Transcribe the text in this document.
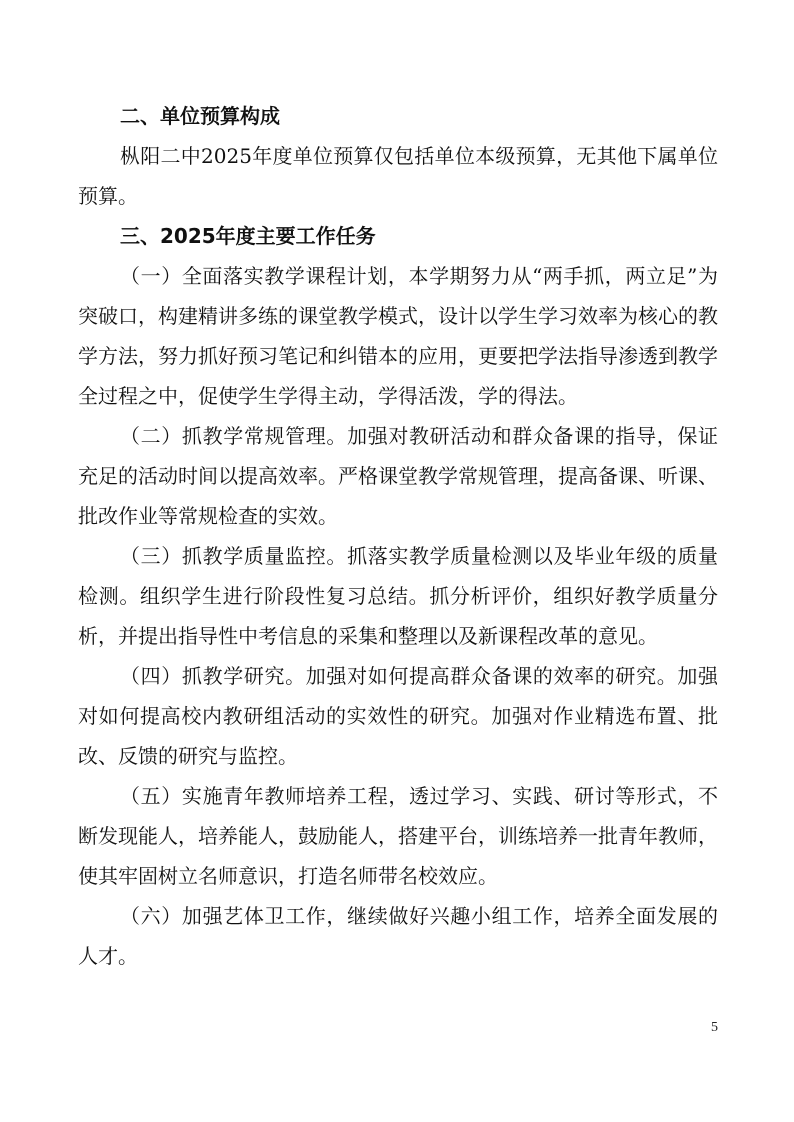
二、单位预算构成

枞阳二中2025年度单位预算仅包括单位本级预算，无其他下属单位预算。

三、2025年度主要工作任务

（一）全面落实教学课程计划，本学期努力从“两手抓，两立足”为突破口，构建精讲多练的课堂教学模式，设计以学生学习效率为核心的教学方法，努力抓好预习笔记和纠错本的应用，更要把学法指导渗透到教学全过程之中，促使学生学得主动，学得活泼，学的得法。

（二）抓教学常规管理。加强对教研活动和群众备课的指导，保证充足的活动时间以提高效率。严格课堂教学常规管理，提高备课、听课、批改作业等常规检查的实效。

（三）抓教学质量监控。抓落实教学质量检测以及毕业年级的质量检测。组织学生进行阶段性复习总结。抓分析评价，组织好教学质量分析，并提出指导性中考信息的采集和整理以及新课程改革的意见。

（四）抓教学研究。加强对如何提高群众备课的效率的研究。加强对如何提高校内教研组活动的实效性的研究。加强对作业精选布置、批改、反馈的研究与监控。

（五）实施青年教师培养工程，透过学习、实践、研讨等形式，不断发现能人，培养能人，鼓励能人，搭建平台，训练培养一批青年教师，使其牢固树立名师意识，打造名师带名校效应。

（六）加强艺体卫工作，继续做好兴趣小组工作，培养全面发展的人才。

5
